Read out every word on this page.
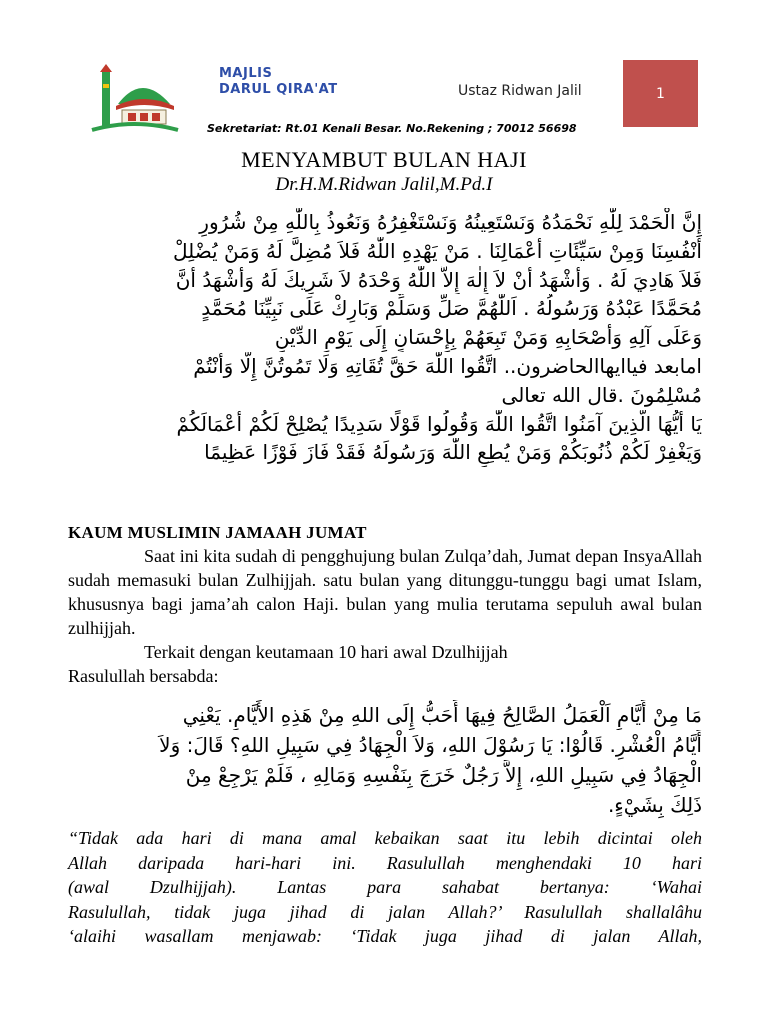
MAJLIS
DARUL QIRA'AT	Ustaz Ridwan Jalil	1
Sekretariat: Rt.01 Kenali Besar. No.Rekening ; 70012 56698
MENYAMBUT BULAN HAJI
Dr.H.M.Ridwan Jalil,M.Pd.I
إِنَّ الْحَمْدَ لِلّٰهِ نَحْمَدُهُ وَنَسْتَعِينُهُ وَنَسْتَغْفِرُهُ وَنَعُوذُ بِاللّٰهِ مِنْ شُرُورِ
أَنْفُسِنَا وَمِنْ سَيِّئَاتِ أَعْمَالِنَا . مَنْ يَهْدِهِ اللّٰهُ فَلاَ مُضِلَّ لَهُ وَمَنْ يُضْلِلْ
فَلاَ هَادِيَ لَهُ . وَأَشْهَدُ أَنْ لاَ إِلٰهَ إِلاَّ اللّٰهُ وَحْدَهُ لاَ شَرِيكَ لَهُ وَأَشْهَدُ أَنَّ
مُحَمَّدًا عَبْدُهُ وَرَسُولُهُ . اَللّٰهُمَّ صَلِّ وَسَلِّمْ وَبَارِكْ عَلَى نَبِيِّنَا مُحَمَّدٍ
وَعَلَى آلِهِ وَأَصْحَابِهِ وَمَنْ تَبِعَهُمْ بِإِحْسَانٍ إِلَى يَوْمِ الدِّيْنِ
امابعد فياايهاالحاضرون.. اتَّقُوا اللّٰهَ حَقَّ تُقَاتِهِ وَلَا تَمُوتُنَّ إِلَّا وَأَنْتُمْ
مُسْلِمُونَ .قال الله تعالى
يَا أَيُّهَا الَّذِينَ آمَنُوا اتَّقُوا اللّٰهَ وَقُولُوا قَوْلًا سَدِيدًا يُصْلِحْ لَكُمْ أَعْمَالَكُمْ
وَيَغْفِرْ لَكُمْ ذُنُوبَكُمْ وَمَنْ يُطِعِ اللّٰهَ وَرَسُولَهُ فَقَدْ فَازَ فَوْزًا عَظِيمًا
KAUM MUSLIMIN JAMAAH JUMAT

Saat ini kita sudah di pengghujung bulan Zulqa’dah, Jumat depan InsyaAllah sudah memasuki bulan Zulhijjah. satu bulan yang ditunggu-tunggu bagi umat Islam, khususnya bagi jama’ah calon Haji. bulan yang mulia terutama sepuluh awal bulan zulhijjah.

Terkait dengan keutamaan 10 hari awal Dzulhijjah

Rasulullah bersabda:

مَا مِنْ أَيَّامٍ اَلْعَمَلُ الصَّالِحُ فِيهَا أَحَبُّ إِلَى اللهِ مِنْ هَذِهِ الأَيَّامِ. يَعْنِي
أَيَّامُ الْعُشْرِ. قَالُوْا: يَا رَسُوْلَ اللهِ، وَلاَ الْجِهَادُ فِي سَبِيلِ اللهِ؟ قَالَ: وَلاَ
الْجِهَادُ فِي سَبِيلِ اللهِ، إِلاَّ رَجُلٌ خَرَجَ بِنَفْسِهِ وَمَالِهِ ، فَلَمْ يَرْجِعْ مِنْ
ذَلِكَ بِشَيْءٍ.
“Tidak ada hari di mana amal kebaikan saat itu lebih dicintai oleh
Allah daripada hari-hari ini. Rasulullah menghendaki 10 hari
(awal Dzulhijjah). Lantas para sahabat bertanya: ‘Wahai
Rasulullah, tidak juga jihad di jalan Allah?’ Rasulullah shallalâhu
‘alaihi wasallam menjawab: ‘Tidak juga jihad di jalan Allah,
